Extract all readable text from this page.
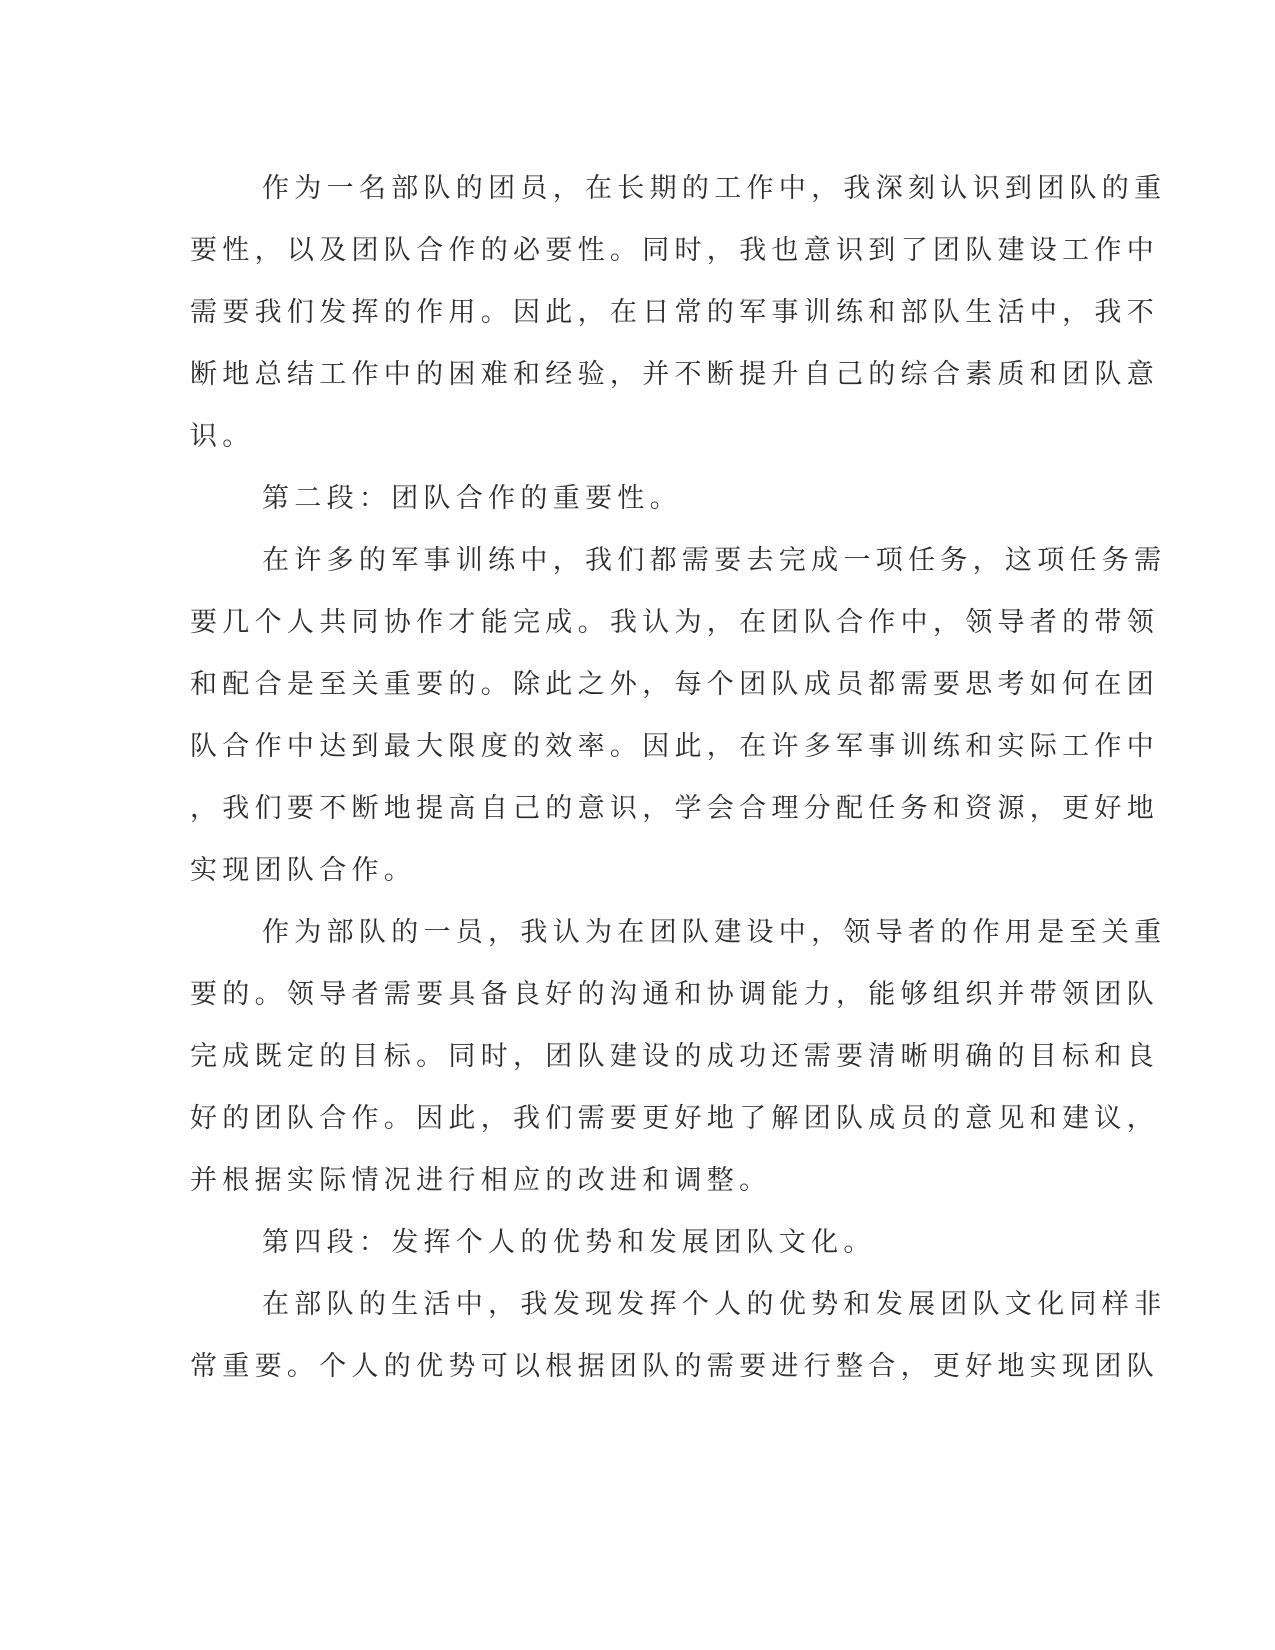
作为一名部队的团员，在长期的工作中，我深刻认识到团队的重
要性，以及团队合作的必要性。同时，我也意识到了团队建设工作中
需要我们发挥的作用。因此，在日常的军事训练和部队生活中，我不
断地总结工作中的困难和经验，并不断提升自己的综合素质和团队意
识。
第二段：团队合作的重要性。
在许多的军事训练中，我们都需要去完成一项任务，这项任务需
要几个人共同协作才能完成。我认为，在团队合作中，领导者的带领
和配合是至关重要的。除此之外，每个团队成员都需要思考如何在团
队合作中达到最大限度的效率。因此，在许多军事训练和实际工作中
，我们要不断地提高自己的意识，学会合理分配任务和资源，更好地
实现团队合作。
作为部队的一员，我认为在团队建设中，领导者的作用是至关重
要的。领导者需要具备良好的沟通和协调能力，能够组织并带领团队
完成既定的目标。同时，团队建设的成功还需要清晰明确的目标和良
好的团队合作。因此，我们需要更好地了解团队成员的意见和建议，
并根据实际情况进行相应的改进和调整。
第四段：发挥个人的优势和发展团队文化。
在部队的生活中，我发现发挥个人的优势和发展团队文化同样非
常重要。个人的优势可以根据团队的需要进行整合，更好地实现团队
